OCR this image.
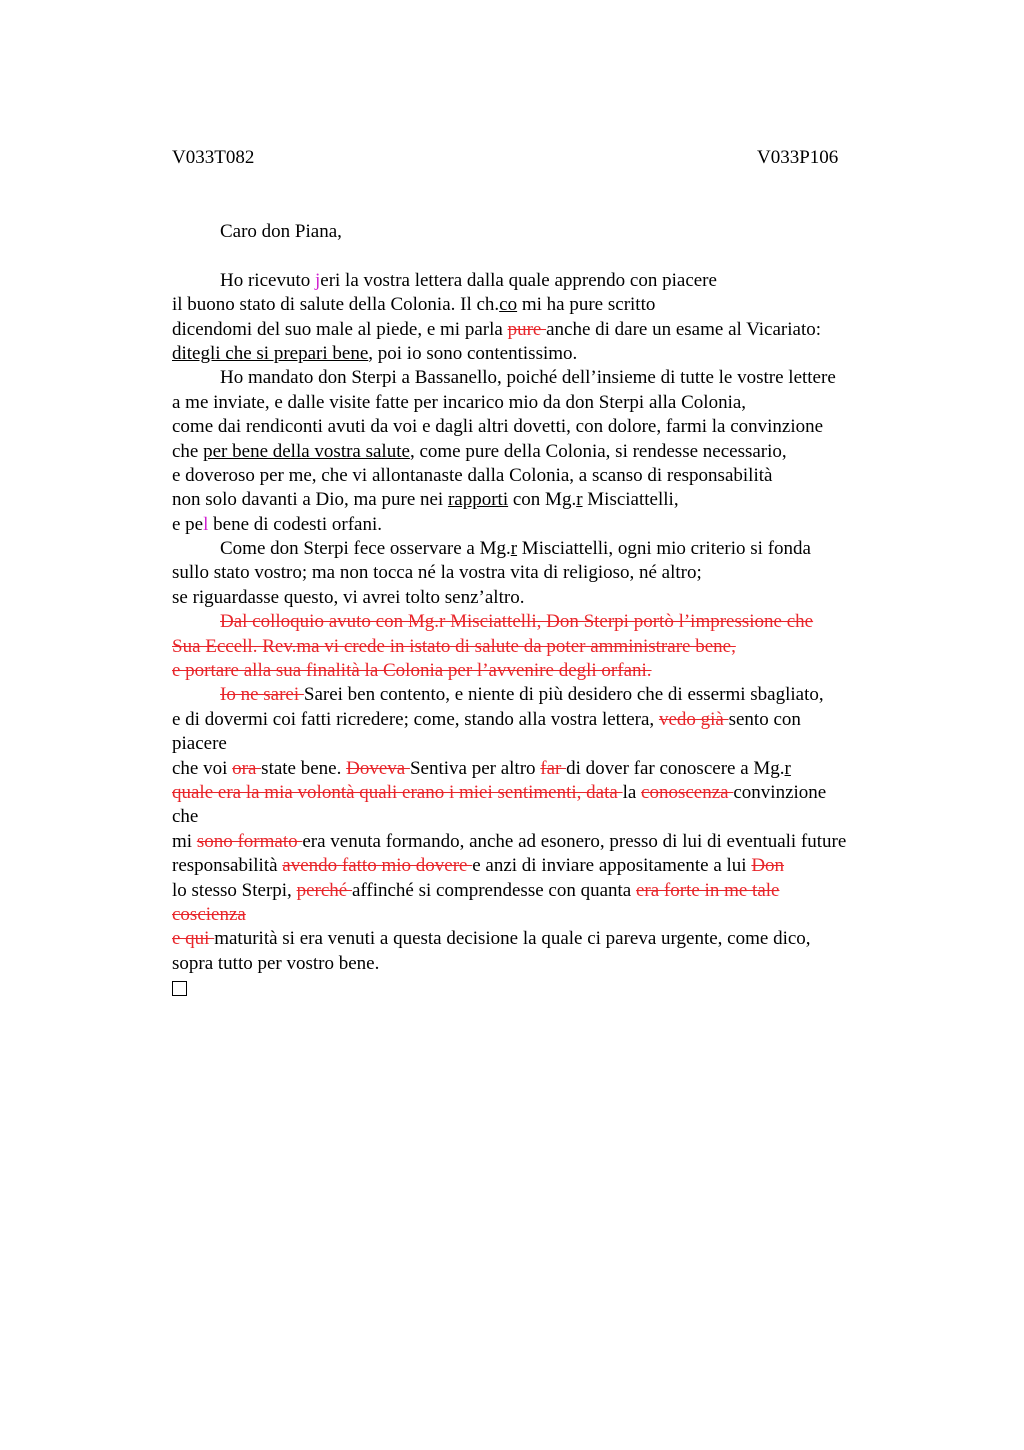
V033T082	V033P106
Caro don Piana,
Ho ricevuto jeri la vostra lettera dalla quale apprendo con piacere
il buono stato di salute della Colonia. Il ch.co mi ha pure scritto
dicendomi del suo male al piede, e mi parla pure anche di dare un esame al Vicariato:
ditegli che si prepari bene, poi io sono contentissimo.
Ho mandato don Sterpi a Bassanello, poiché dell’insieme di tutte le vostre lettere
a me inviate, e dalle visite fatte per incarico mio da don Sterpi alla Colonia,
come dai rendiconti avuti da voi e dagli altri dovetti, con dolore, farmi la convinzione
che per bene della vostra salute, come pure della Colonia, si rendesse necessario,
e doveroso per me, che vi allontanaste dalla Colonia, a scanso di responsabilità
non solo davanti a Dio, ma pure nei rapporti con Mg.r Misciattelli,
e pel bene di codesti orfani.
Come don Sterpi fece osservare a Mg.r Misciattelli, ogni mio criterio si fonda
sullo stato vostro; ma non tocca né la vostra vita di religioso, né altro;
se riguardasse questo, vi avrei tolto senz’altro.
Dal colloquio avuto con Mg.r Misciattelli, Don Sterpi portò l’impressione che
Sua Eccell. Rev.ma vi crede in istato di salute da poter amministrare bene,
e portare alla sua finalità la Colonia per l’avvenire degli orfani.
Io ne sarei Sarei ben contento, e niente di più desidero che di essermi sbagliato,
e di dovermi coi fatti ricredere; come, stando alla vostra lettera, vedo già sento con
piacere
che voi ora state bene. Doveva Sentiva per altro far di dover far conoscere a Mg.r
quale era la mia volontà quali erano i miei sentimenti, data la conoscenza convinzione
che
mi sono formato era venuta formando, anche ad esonero, presso di lui di eventuali future
responsabilità avendo fatto mio dovere e anzi di inviare appositamente a lui Don
lo stesso Sterpi, perché affinché si comprendesse con quanta era forte in me tale
coscienza
e qui maturità si era venuti a questa decisione la quale ci pareva urgente, come dico,
sopra tutto per vostro bene.
